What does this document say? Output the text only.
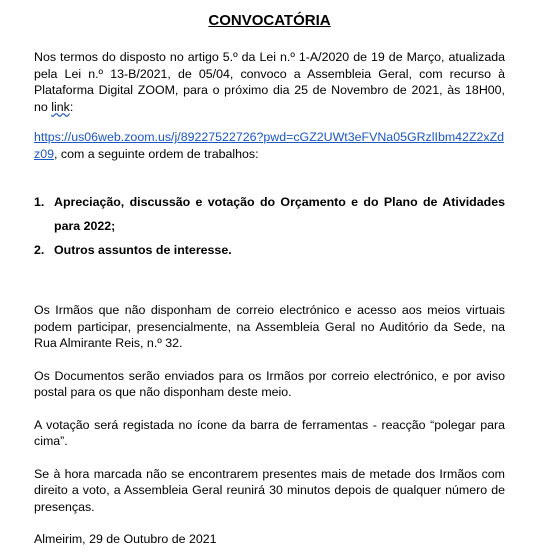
CONVOCATÓRIA

Nos termos do disposto no artigo 5.º da Lei n.º 1-A/2020 de 19 de Março, atualizada pela Lei n.º 13-B/2021, de 05/04, convoco a Assembleia Geral, com recurso à Plataforma Digital ZOOM, para o próximo dia 25 de Novembro de 2021, às 18H00, no link:

https://us06web.zoom.us/j/89227522726?pwd=cGZ2UWt3eFVNa05GRzlIbm42Z2xZdz09, com a seguinte ordem de trabalhos:

1. Apreciação, discussão e votação do Orçamento e do Plano de Atividades para 2022;
2. Outros assuntos de interesse.

Os Irmãos que não disponham de correio electrónico e acesso aos meios virtuais podem participar, presencialmente, na Assembleia Geral no Auditório da Sede, na Rua Almirante Reis, n.º 32.

Os Documentos serão enviados para os Irmãos por correio electrónico, e por aviso postal para os que não disponham deste meio.

A votação será registada no ícone da barra de ferramentas - reacção “polegar para cima”.

Se à hora marcada não se encontrarem presentes mais de metade dos Irmãos com direito a voto, a Assembleia Geral reunirá 30 minutos depois de qualquer número de presenças.

Almeirim, 29 de Outubro de 2021
